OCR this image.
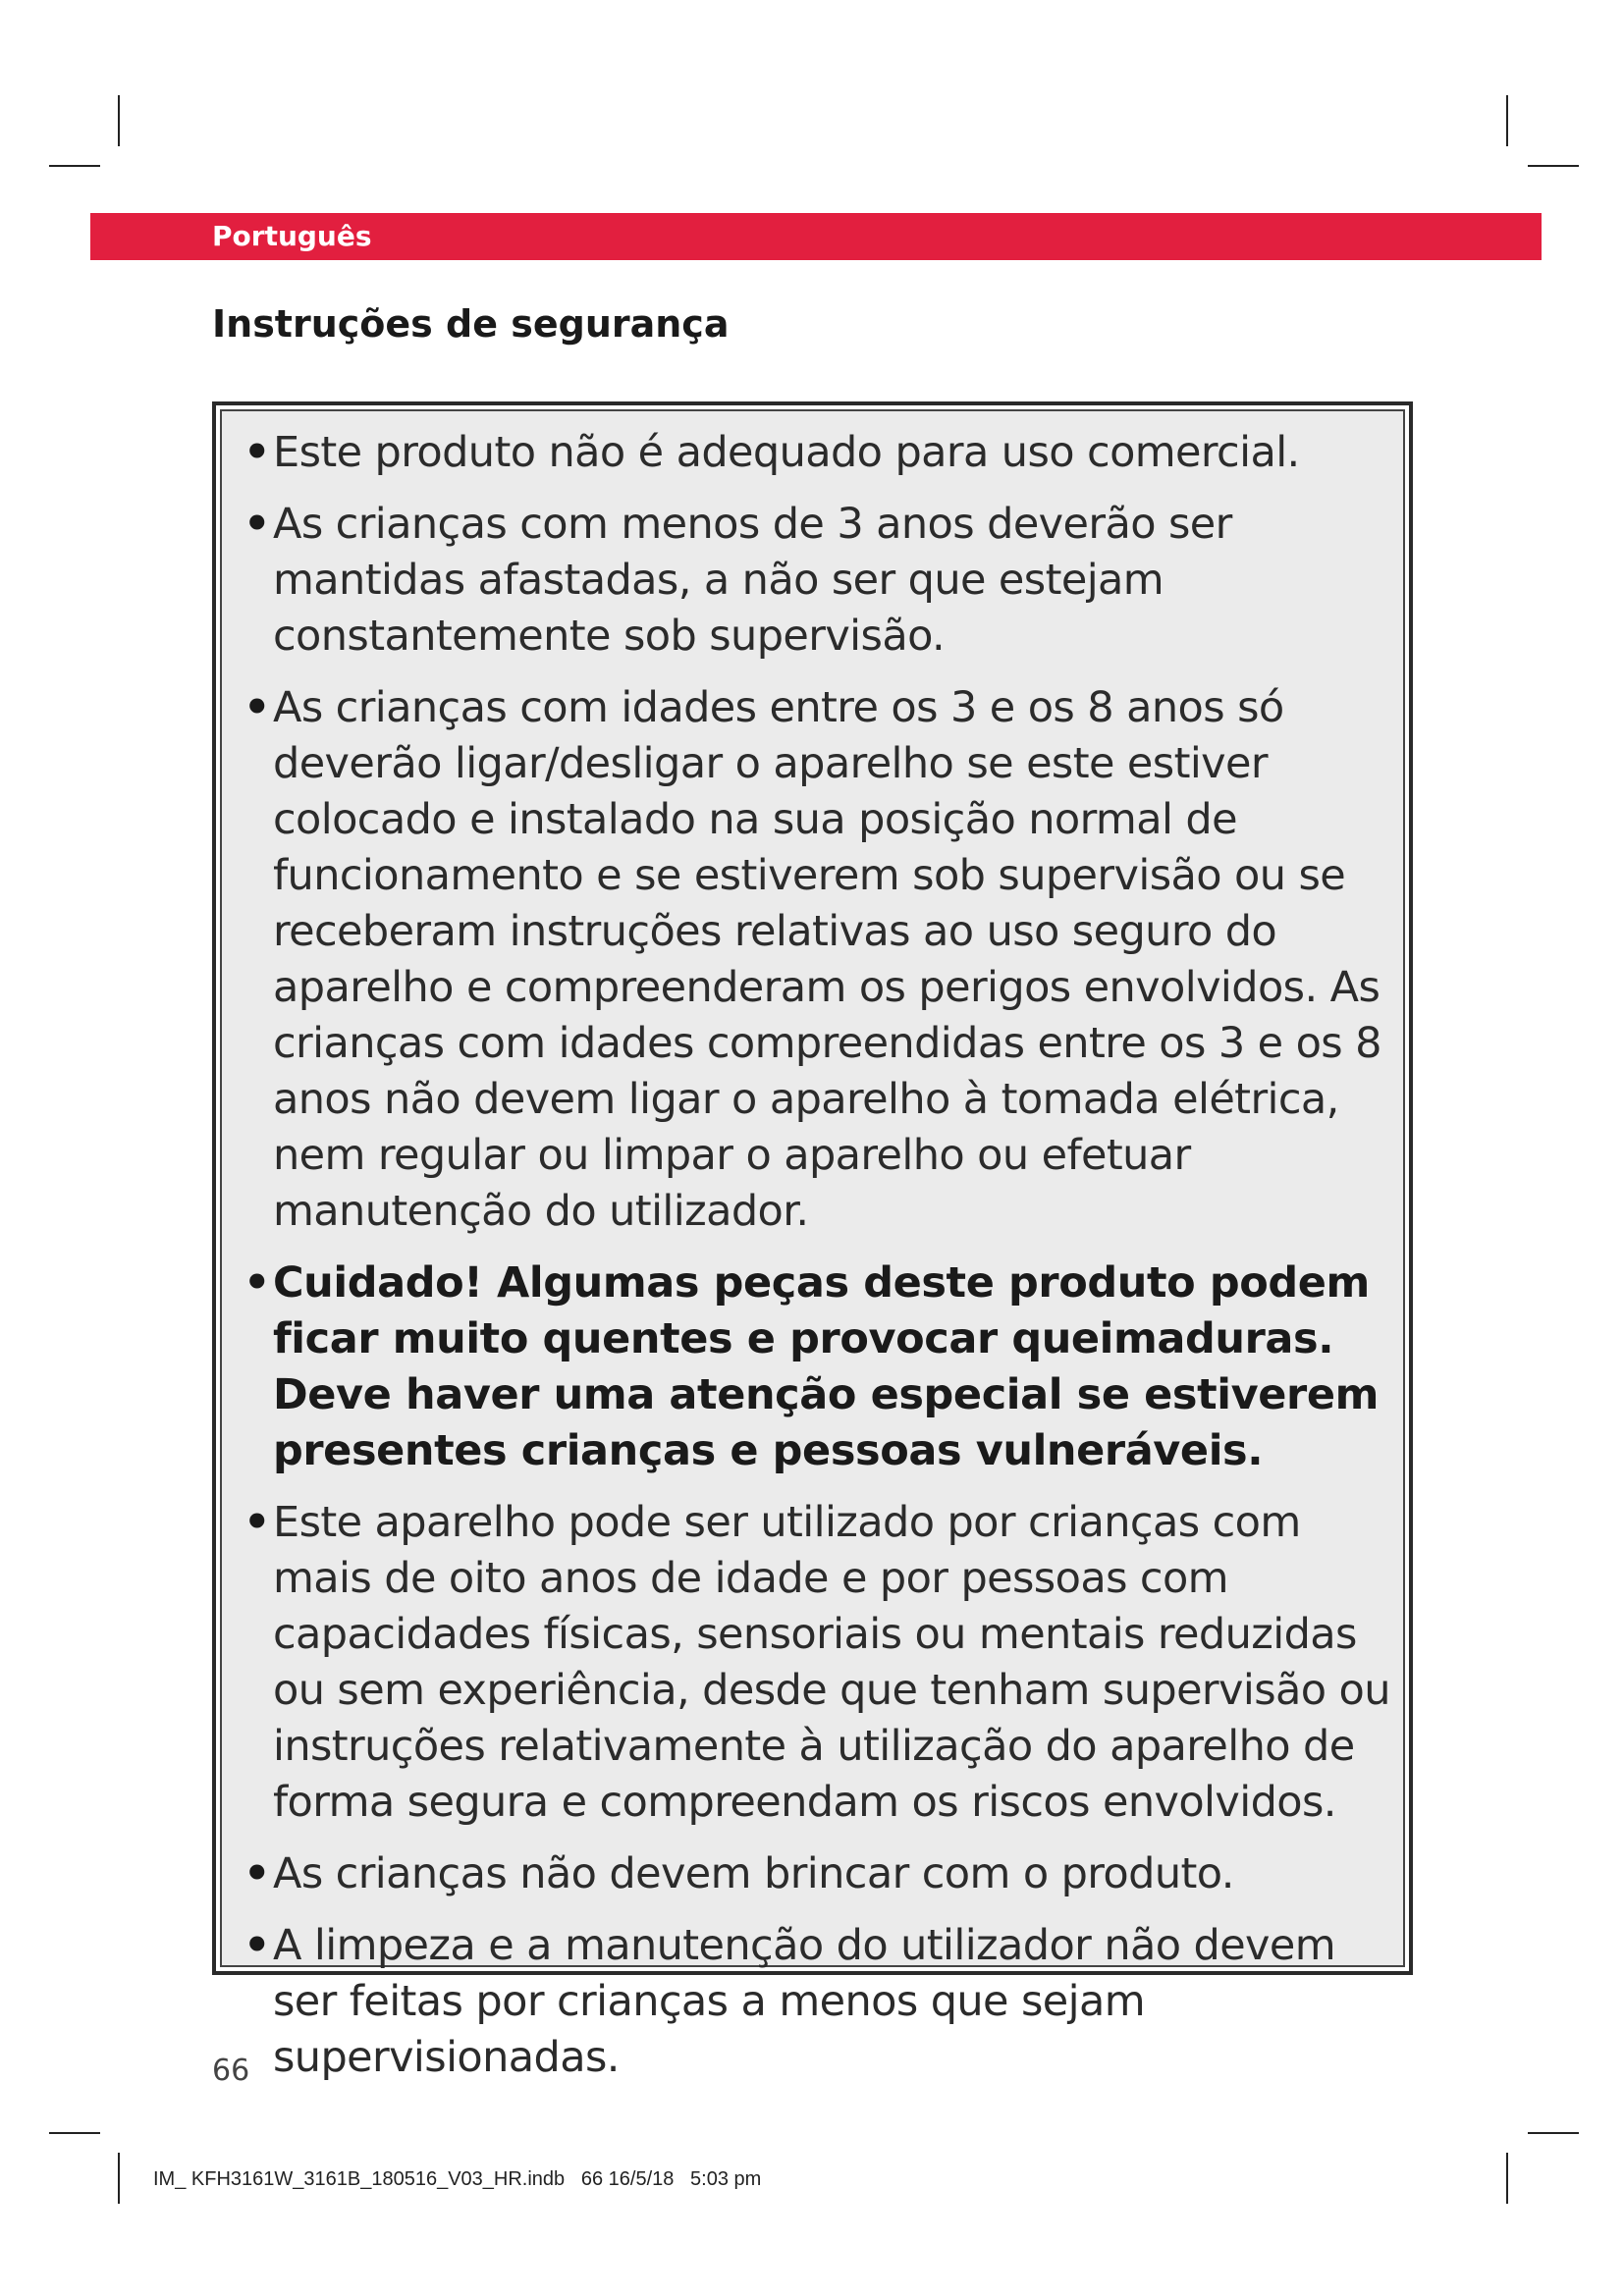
Português
Instruções de segurança
• Este produto não é adequado para uso comercial.
• As crianças com menos de 3 anos deverão ser mantidas afastadas, a não ser que estejam constantemente sob supervisão.
• As crianças com idades entre os 3 e os 8 anos só deverão ligar/desligar o aparelho se este estiver colocado e instalado na sua posição normal de funcionamento e se estiverem sob supervisão ou se receberam instruções relativas ao uso seguro do aparelho e compreenderam os perigos envolvidos. As crianças com idades compreendidas entre os 3 e os 8 anos não devem ligar o aparelho à tomada elétrica, nem regular ou limpar o aparelho ou efetuar manutenção do utilizador.
• Cuidado! Algumas peças deste produto podem ficar muito quentes e provocar queimaduras. Deve haver uma atenção especial se estiverem presentes crianças e pessoas vulneráveis.
• Este aparelho pode ser utilizado por crianças com mais de oito anos de idade e por pessoas com capacidades físicas, sensoriais ou mentais reduzidas ou sem experiência, desde que tenham supervisão ou instruções relativamente à utilização do aparelho de forma segura e compreendam os riscos envolvidos.
• As crianças não devem brincar com o produto.
• A limpeza e a manutenção do utilizador não devem ser feitas por crianças a menos que sejam supervisionadas.
66
IM_ KFH3161W_3161B_180516_V03_HR.indb   66 16/5/18   5:03 pm
